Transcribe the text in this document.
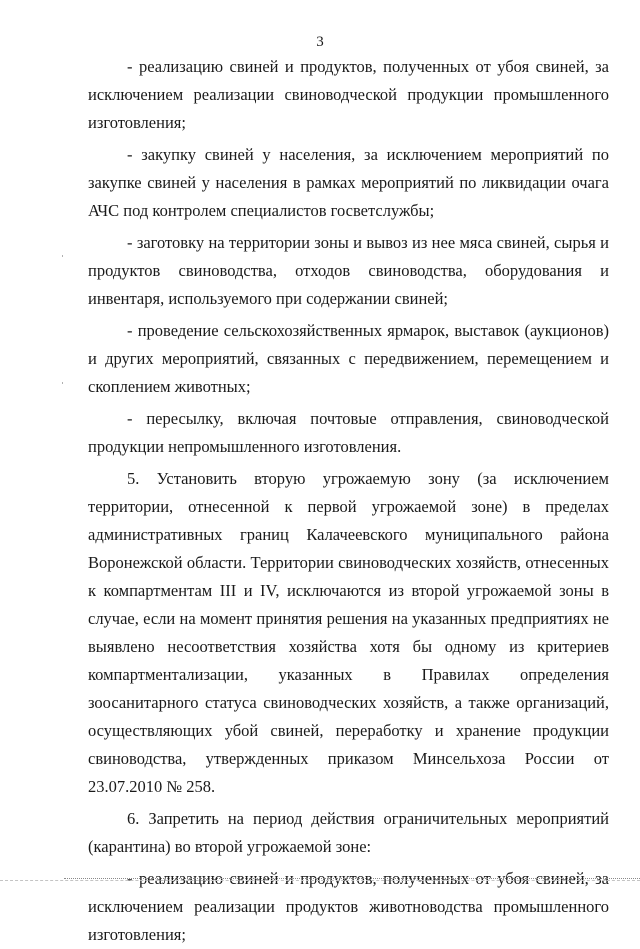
3

- реализацию свиней и продуктов, полученных от убоя свиней, за исключением реализации свиноводческой продукции промышленного изготовления;

- закупку свиней у населения, за исключением мероприятий по закупке свиней у населения в рамках мероприятий по ликвидации очага АЧС под контролем специалистов госветслужбы;

- заготовку на территории зоны и вывоз из нее мяса свиней, сырья и продуктов свиноводства, отходов свиноводства, оборудования и инвентаря, используемого при содержании свиней;

- проведение сельскохозяйственных ярмарок, выставок (аукционов) и других мероприятий, связанных с передвижением, перемещением и скоплением животных;

- пересылку, включая почтовые отправления, свиноводческой продукции непромышленного изготовления.

5. Установить вторую угрожаемую зону (за исключением территории, отнесенной к первой угрожаемой зоне) в пределах административных границ Калачеевского муниципального района Воронежской области. Территории свиноводческих хозяйств, отнесенных к компартментам III и IV, исключаются из второй угрожаемой зоны в случае, если на момент принятия решения на указанных предприятиях не выявлено несоответствия хозяйства хотя бы одному из критериев компартментализации, указанных в Правилах определения зоосанитарного статуса свиноводческих хозяйств, а также организаций, осуществляющих убой свиней, переработку и хранение продукции свиноводства, утвержденных приказом Минсельхоза России от 23.07.2010 № 258.

6. Запретить на период действия ограничительных мероприятий (карантина) во второй угрожаемой зоне:

- реализацию свиней и продуктов, полученных от убоя свиней, за исключением реализации продуктов животноводства промышленного изготовления;
